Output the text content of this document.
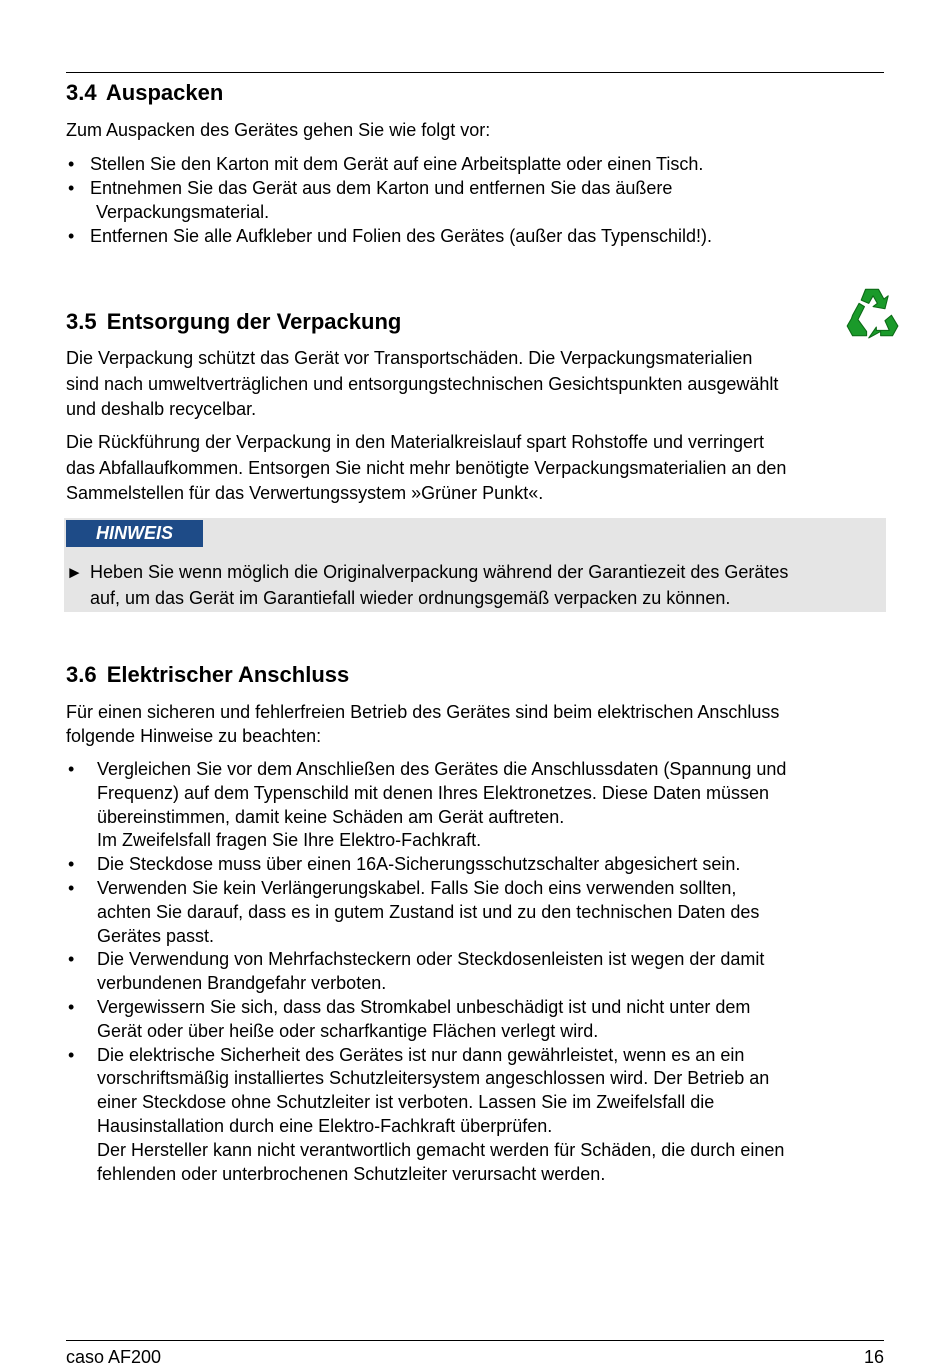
3.4 Auspacken
Zum Auspacken des Gerätes gehen Sie wie folgt vor:
• Stellen Sie den Karton mit dem Gerät auf eine Arbeitsplatte oder einen Tisch.
• Entnehmen Sie das Gerät aus dem Karton und entfernen Sie das äußere
Verpackungsmaterial.
• Entfernen Sie alle Aufkleber und Folien des Gerätes (außer das Typenschild!).
3.5 Entsorgung der Verpackung
Die Verpackung schützt das Gerät vor Transportschäden. Die Verpackungsmaterialien
sind nach umweltverträglichen und entsorgungstechnischen Gesichtspunkten ausgewählt
und deshalb recycelbar.
Die Rückführung der Verpackung in den Materialkreislauf spart Rohstoffe und verringert
das Abfallaufkommen. Entsorgen Sie nicht mehr benötigte Verpackungsmaterialien an den
Sammelstellen für das Verwertungssystem »Grüner Punkt«.
HINWEIS
► Heben Sie wenn möglich die Originalverpackung während der Garantiezeit des Gerätes
auf, um das Gerät im Garantiefall wieder ordnungsgemäß verpacken zu können.
3.6 Elektrischer Anschluss
Für einen sicheren und fehlerfreien Betrieb des Gerätes sind beim elektrischen Anschluss
folgende Hinweise zu beachten:
• Vergleichen Sie vor dem Anschließen des Gerätes die Anschlussdaten (Spannung und
Frequenz) auf dem Typenschild mit denen Ihres Elektronetzes. Diese Daten müssen
übereinstimmen, damit keine Schäden am Gerät auftreten.
Im Zweifelsfall fragen Sie Ihre Elektro-Fachkraft.
• Die Steckdose muss über einen 16A-Sicherungsschutzschalter abgesichert sein.
• Verwenden Sie kein Verlängerungskabel. Falls Sie doch eins verwenden sollten,
achten Sie darauf, dass es in gutem Zustand ist und zu den technischen Daten des
Gerätes passt.
• Die Verwendung von Mehrfachsteckern oder Steckdosenleisten ist wegen der damit
verbundenen Brandgefahr verboten.
• Vergewissern Sie sich, dass das Stromkabel unbeschädigt ist und nicht unter dem
Gerät oder über heiße oder scharfkantige Flächen verlegt wird.
• Die elektrische Sicherheit des Gerätes ist nur dann gewährleistet, wenn es an ein
vorschriftsmäßig installiertes Schutzleitersystem angeschlossen wird. Der Betrieb an
einer Steckdose ohne Schutzleiter ist verboten. Lassen Sie im Zweifelsfall die
Hausinstallation durch eine Elektro-Fachkraft überprüfen.
Der Hersteller kann nicht verantwortlich gemacht werden für Schäden, die durch einen
fehlenden oder unterbrochenen Schutzleiter verursacht werden.
caso AF200	16
